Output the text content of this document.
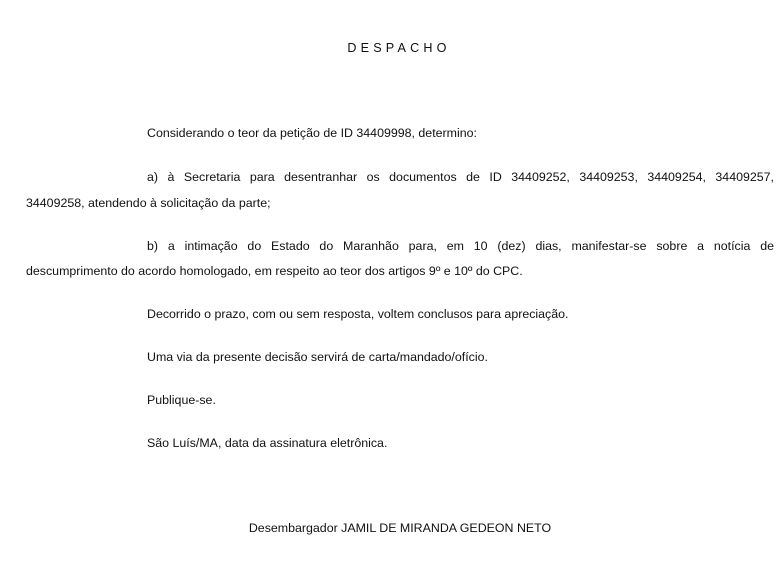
DESPACHO
Considerando o teor da petição de ID 34409998, determino:
a) à Secretaria para desentranhar os documentos de ID 34409252, 34409253, 34409254, 34409257,
34409258, atendendo à solicitação da parte;
b) a intimação do Estado do Maranhão para, em 10 (dez) dias, manifestar-se sobre a notícia de
descumprimento do acordo homologado, em respeito ao teor dos artigos 9º e 10º do CPC.
Decorrido o prazo, com ou sem resposta, voltem conclusos para apreciação.
Uma via da presente decisão servirá de carta/mandado/ofício.
Publique-se.
São Luís/MA, data da assinatura eletrônica.
Desembargador JAMIL DE MIRANDA GEDEON NETO
